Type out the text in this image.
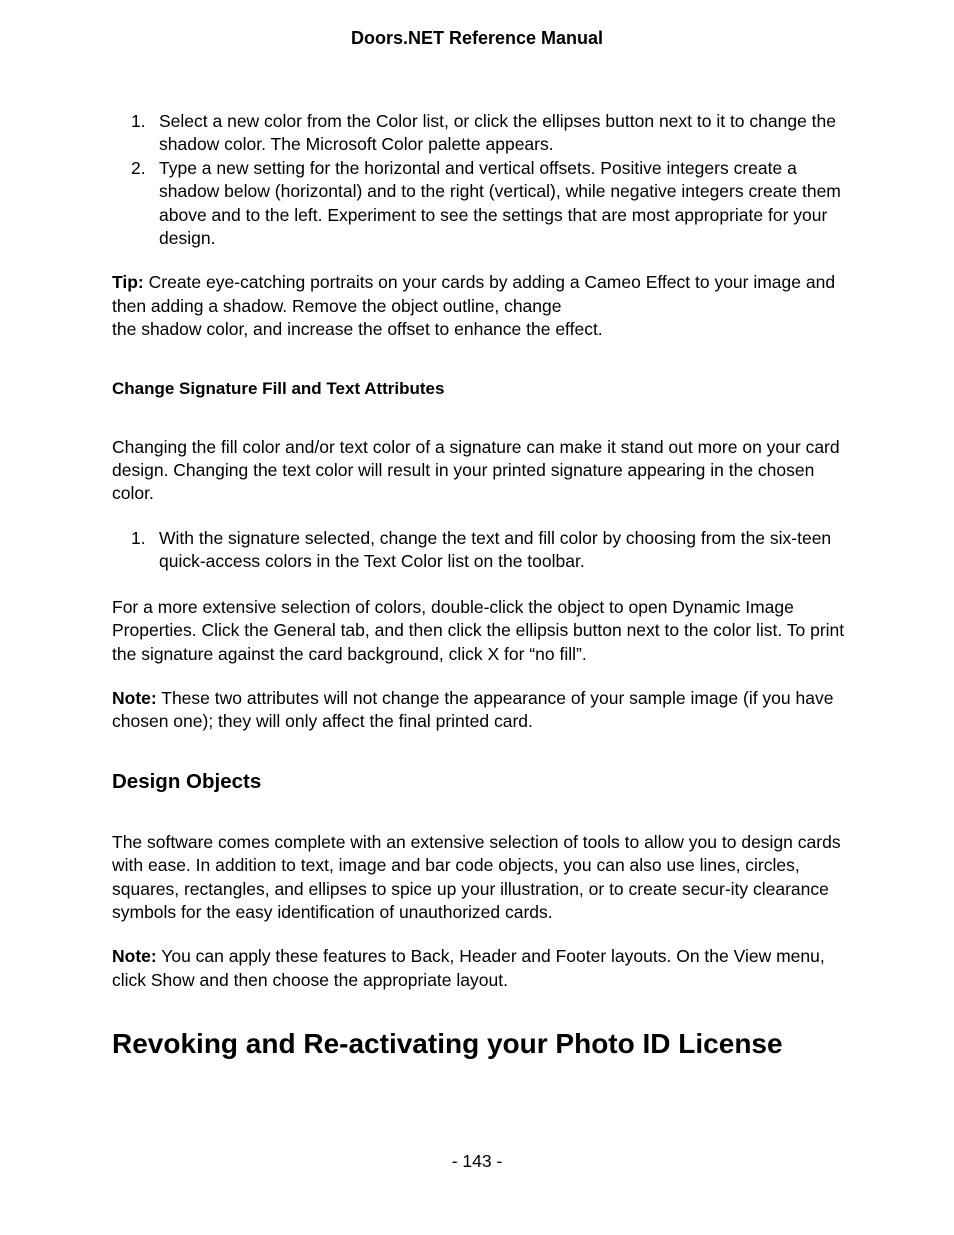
Doors.NET Reference Manual
1. Select a new color from the Color list, or click the ellipses button next to it to change the shadow color. The Microsoft Color palette appears.
2. Type a new setting for the horizontal and vertical offsets. Positive integers create a shadow below (horizontal) and to the right (vertical), while negative integers create them above and to the left. Experiment to see the settings that are most appropriate for your design.

Tip: Create eye-catching portraits on your cards by adding a Cameo Effect to your image and then adding a shadow. Remove the object outline, change
the shadow color, and increase the offset to enhance the effect.

Change Signature Fill and Text Attributes

Changing the fill color and/or text color of a signature can make it stand out more on your card design. Changing the text color will result in your printed signature appearing in the chosen color.

1. With the signature selected, change the text and fill color by choosing from the six-teen quick-access colors in the Text Color list on the toolbar.

For a more extensive selection of colors, double-click the object to open Dynamic Image Properties. Click the General tab, and then click the ellipsis button next to the color list. To print the signature against the card background, click X for “no fill”.

Note: These two attributes will not change the appearance of your sample image (if you have chosen one); they will only affect the final printed card.

Design Objects

The software comes complete with an extensive selection of tools to allow you to design cards with ease. In addition to text, image and bar code objects, you can also use lines, circles, squares, rectangles, and ellipses to spice up your illustration, or to create secur-ity clearance symbols for the easy identification of unauthorized cards.

Note: You can apply these features to Back, Header and Footer layouts. On the View menu, click Show and then choose the appropriate layout.

Revoking and Re-activating your Photo ID License
- 143 -
